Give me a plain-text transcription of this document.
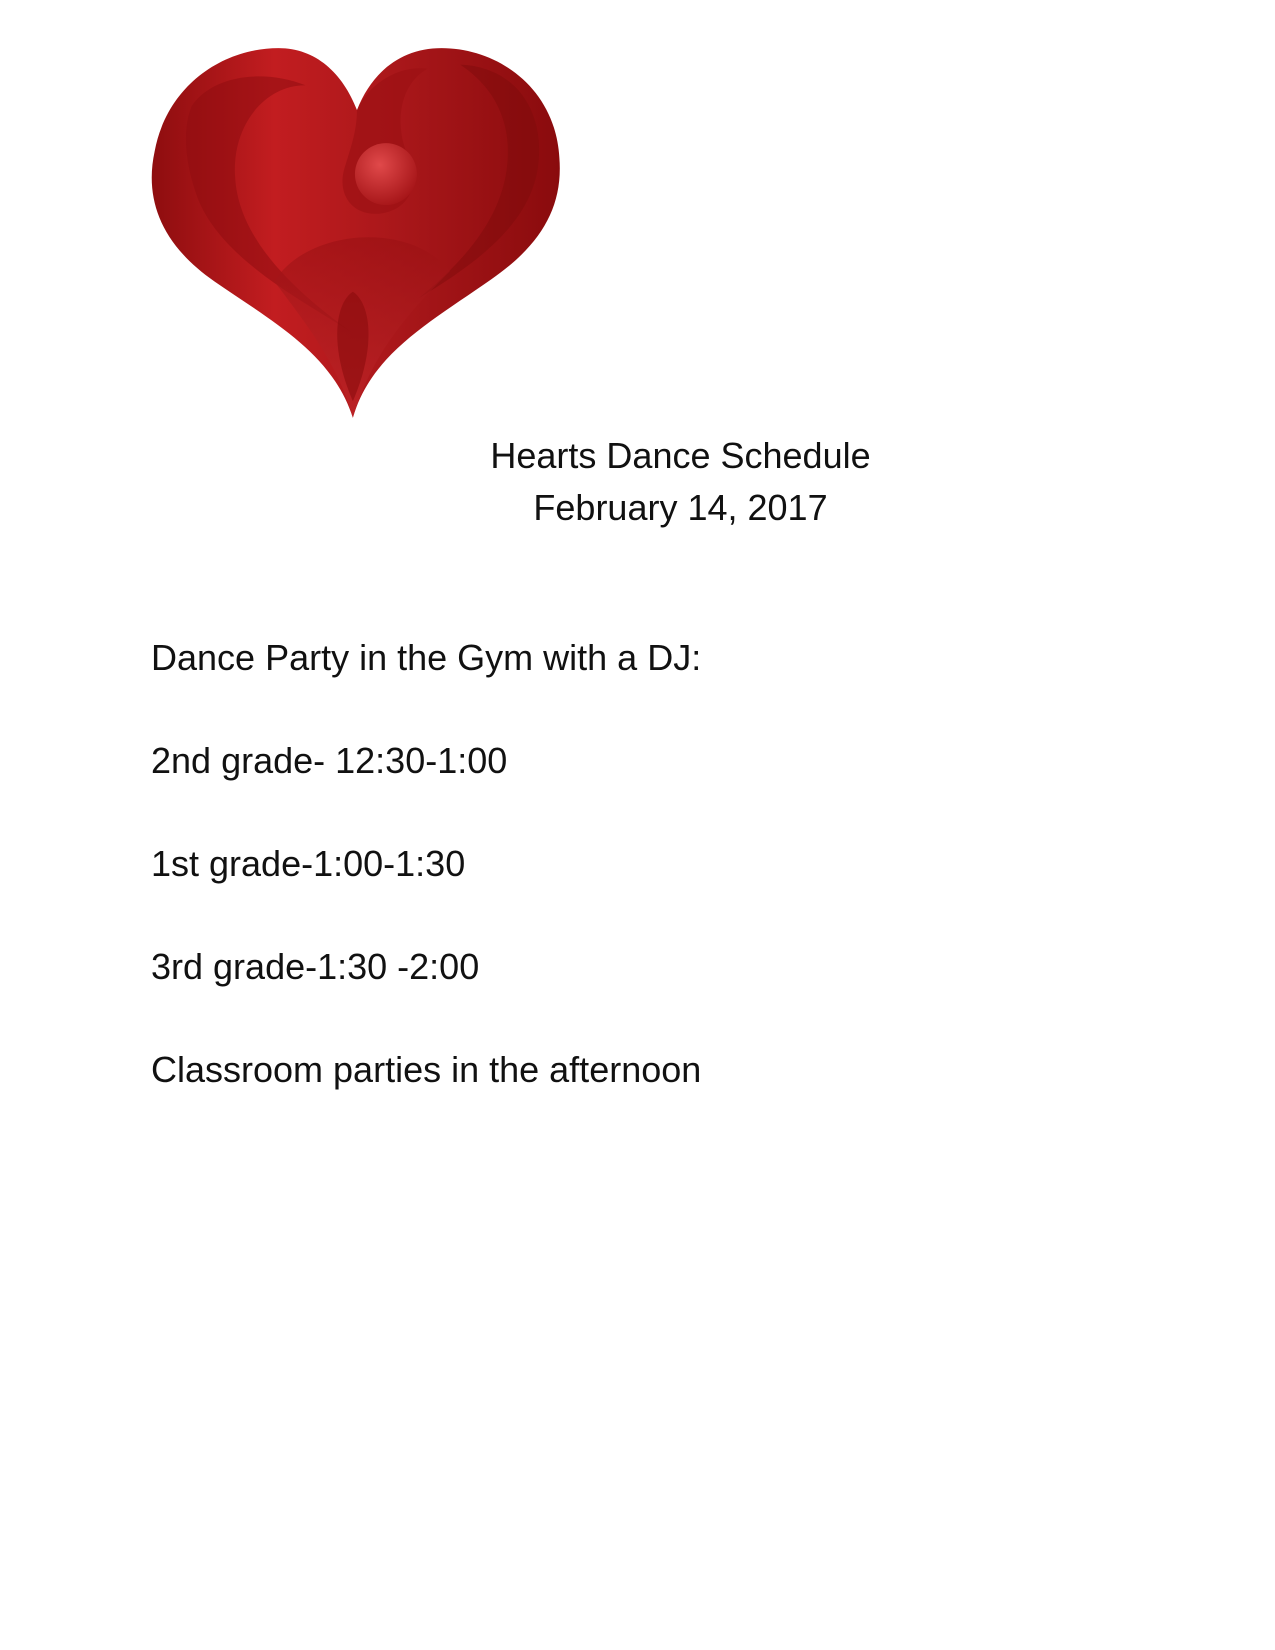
Hearts Dance Schedule
February 14, 2017
Dance Party in the Gym with a DJ:
2nd grade- 12:30-1:00
1st grade-1:00-1:30
3rd grade-1:30 -2:00
Classroom parties in the afternoon
